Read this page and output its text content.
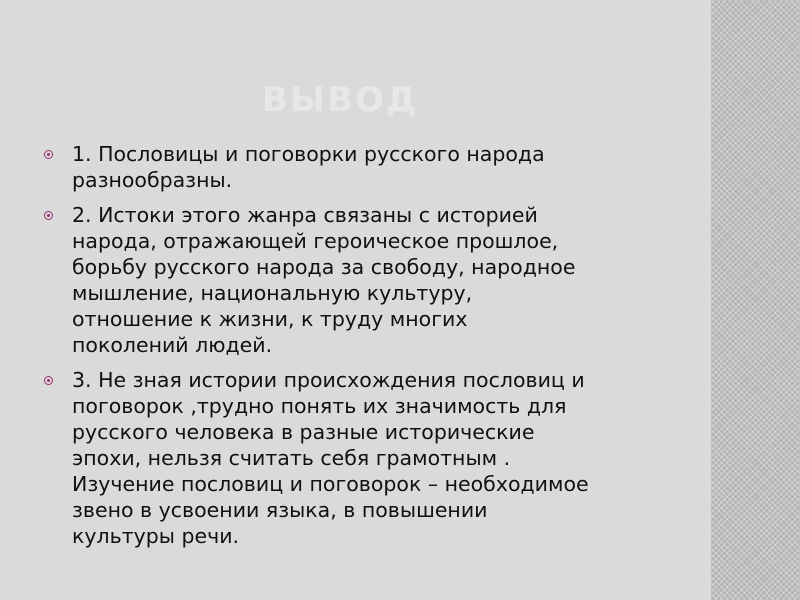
ВЫВОД
1. Пословицы и поговорки русского народа
разнообразны.
2. Истоки этого жанра связаны с историей
народа, отражающей героическое прошлое,
борьбу русского народа за свободу, народное
мышление, национальную культуру,
отношение к жизни, к труду многих
поколений людей.
3. Не зная истории происхождения пословиц и
поговорок ,трудно понять их значимость для
русского человека в разные исторические
эпохи, нельзя считать себя грамотным .
Изучение пословиц и поговорок – необходимое
звено в усвоении языка, в повышении
культуры речи.
